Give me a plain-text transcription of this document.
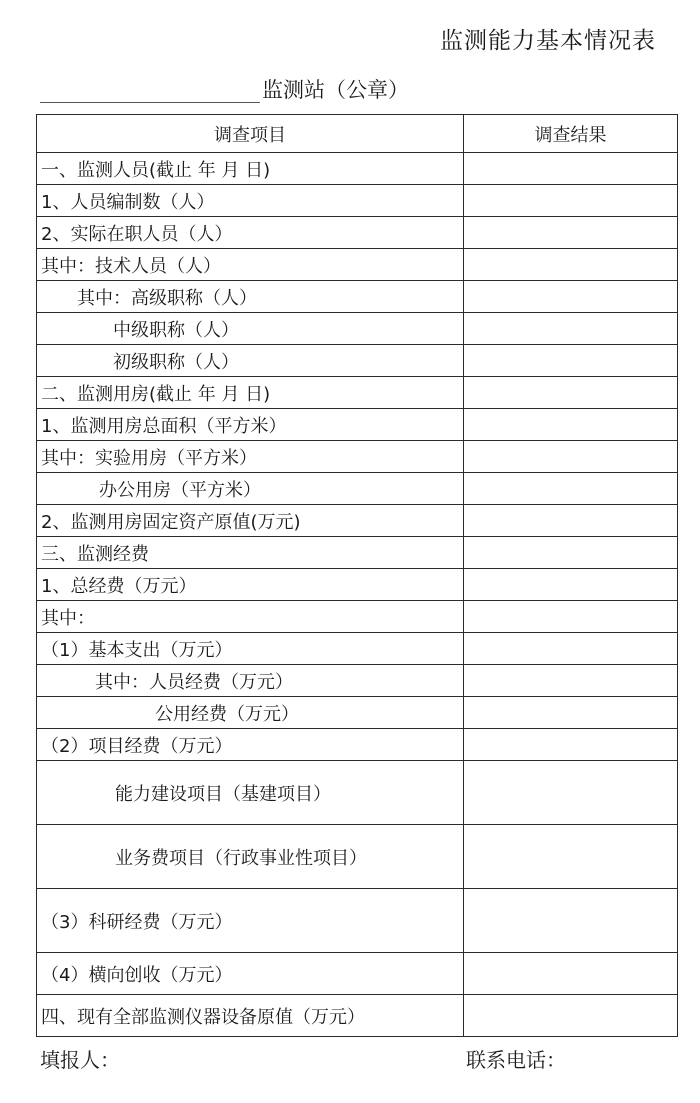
监测能力基本情况表
监测站（公章）
调查项目	调查结果
一、监测人员(截止 年 月 日)	
1、人员编制数（人）	
2、实际在职人员（人）	
其中：技术人员（人）	
其中：高级职称（人）	
中级职称（人）	
初级职称（人）	
二、监测用房(截止 年 月 日)	
1、监测用房总面积（平方米）	
其中：实验用房（平方米）	
办公用房（平方米）	
2、监测用房固定资产原值(万元)	
三、监测经费	
1、总经费（万元）	
其中：	
（1）基本支出（万元）	
其中：人员经费（万元）	
公用经费（万元）	
（2）项目经费（万元）	
能力建设项目（基建项目）	
业务费项目（行政事业性项目）	
（3）科研经费（万元）	
（4）横向创收（万元）	
四、现有全部监测仪器设备原值（万元）	
填报人：	联系电话：
